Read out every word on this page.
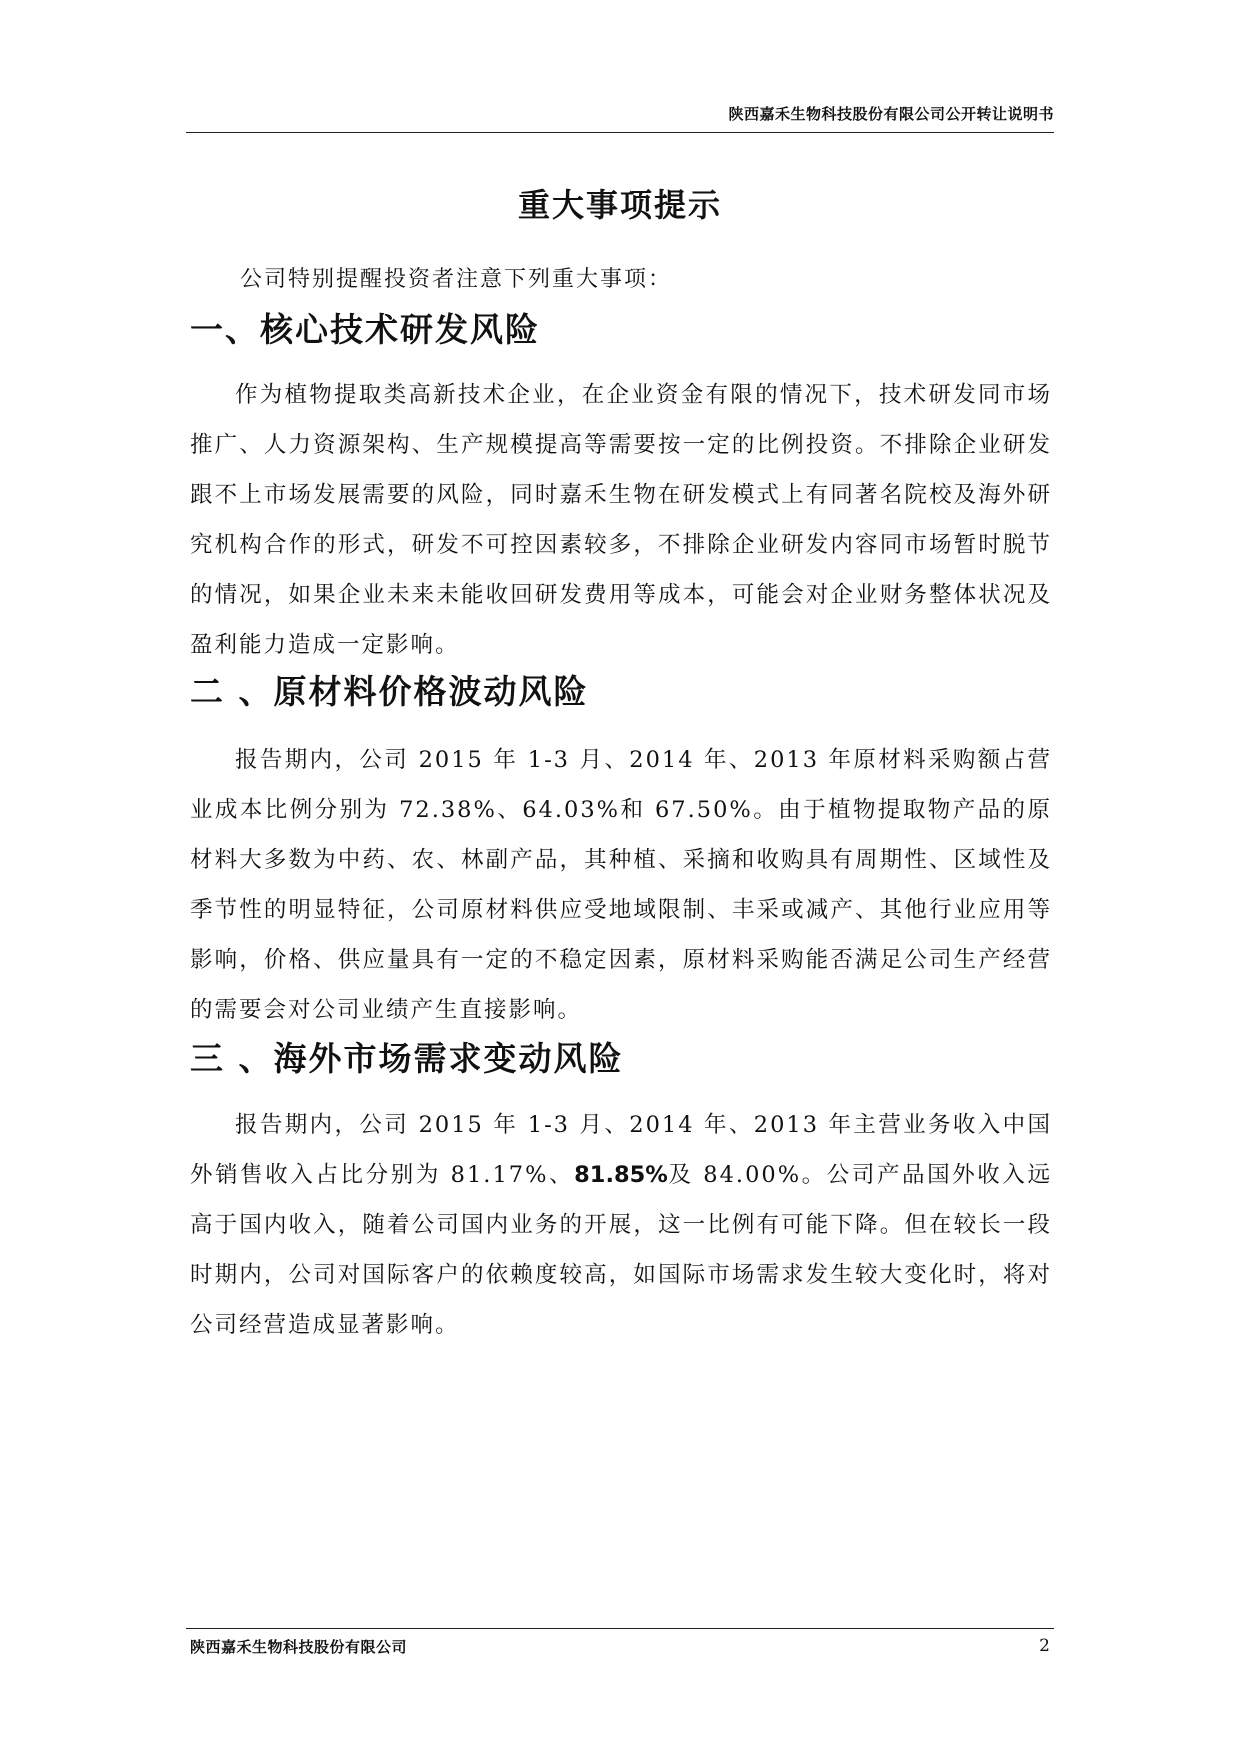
陕西嘉禾生物科技股份有限公司公开转让说明书
重大事项提示
公司特别提醒投资者注意下列重大事项：
一、核心技术研发风险
作为植物提取类高新技术企业，在企业资金有限的情况下，技术研发同市场推广、人力资源架构、生产规模提高等需要按一定的比例投资。不排除企业研发跟不上市场发展需要的风险，同时嘉禾生物在研发模式上有同著名院校及海外研究机构合作的形式，研发不可控因素较多，不排除企业研发内容同市场暂时脱节的情况，如果企业未来未能收回研发费用等成本，可能会对企业财务整体状况及盈利能力造成一定影响。
二 、原材料价格波动风险
报告期内，公司 2015 年 1-3 月、2014 年、2013 年原材料采购额占营业成本比例分别为 72.38%、64.03%和 67.50%。由于植物提取物产品的原材料大多数为中药、农、林副产品，其种植、采摘和收购具有周期性、区域性及季节性的明显特征，公司原材料供应受地域限制、丰采或减产、其他行业应用等影响，价格、供应量具有一定的不稳定因素，原材料采购能否满足公司生产经营的需要会对公司业绩产生直接影响。
三 、海外市场需求变动风险
报告期内，公司 2015 年 1-3 月、2014 年、2013 年主营业务收入中国外销售收入占比分别为 81.17%、81.85%及 84.00%。公司产品国外收入远高于国内收入，随着公司国内业务的开展，这一比例有可能下降。但在较长一段时期内，公司对国际客户的依赖度较高，如国际市场需求发生较大变化时，将对公司经营造成显著影响。
陕西嘉禾生物科技股份有限公司	2
